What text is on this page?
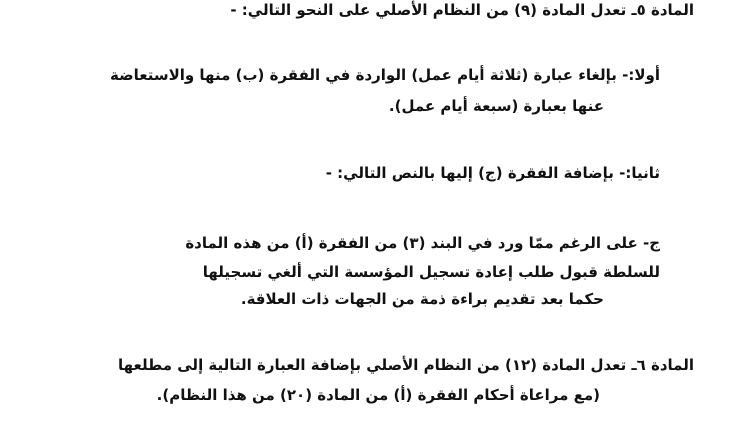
المادة ٥ـ تعدل المادة (٩) من النظام الأصلي على النحو التالي: -

أولا:- بإلغاء عبارة (ثلاثة أيام عمل) الواردة في الفقرة (ب) منها والاستعاضة

عنها بعبارة (سبعة أيام عمل).

ثانيا:- بإضافة الفقرة (ج) إليها بالنص التالي: -

ج- على الرغم ممّا ورد في البند (٣) من الفقرة (أ) من هذه المادة

للسلطة قبول طلب إعادة تسجيل المؤسسة التي ألغي تسجيلها

حكما بعد تقديم براءة ذمة من الجهات ذات العلاقة.

المادة ٦ـ تعدل المادة (١٢) من النظام الأصلي بإضافة العبارة التالية إلى مطلعها

(مع مراعاة أحكام الفقرة (أ) من المادة (٢٠) من هذا النظام).
